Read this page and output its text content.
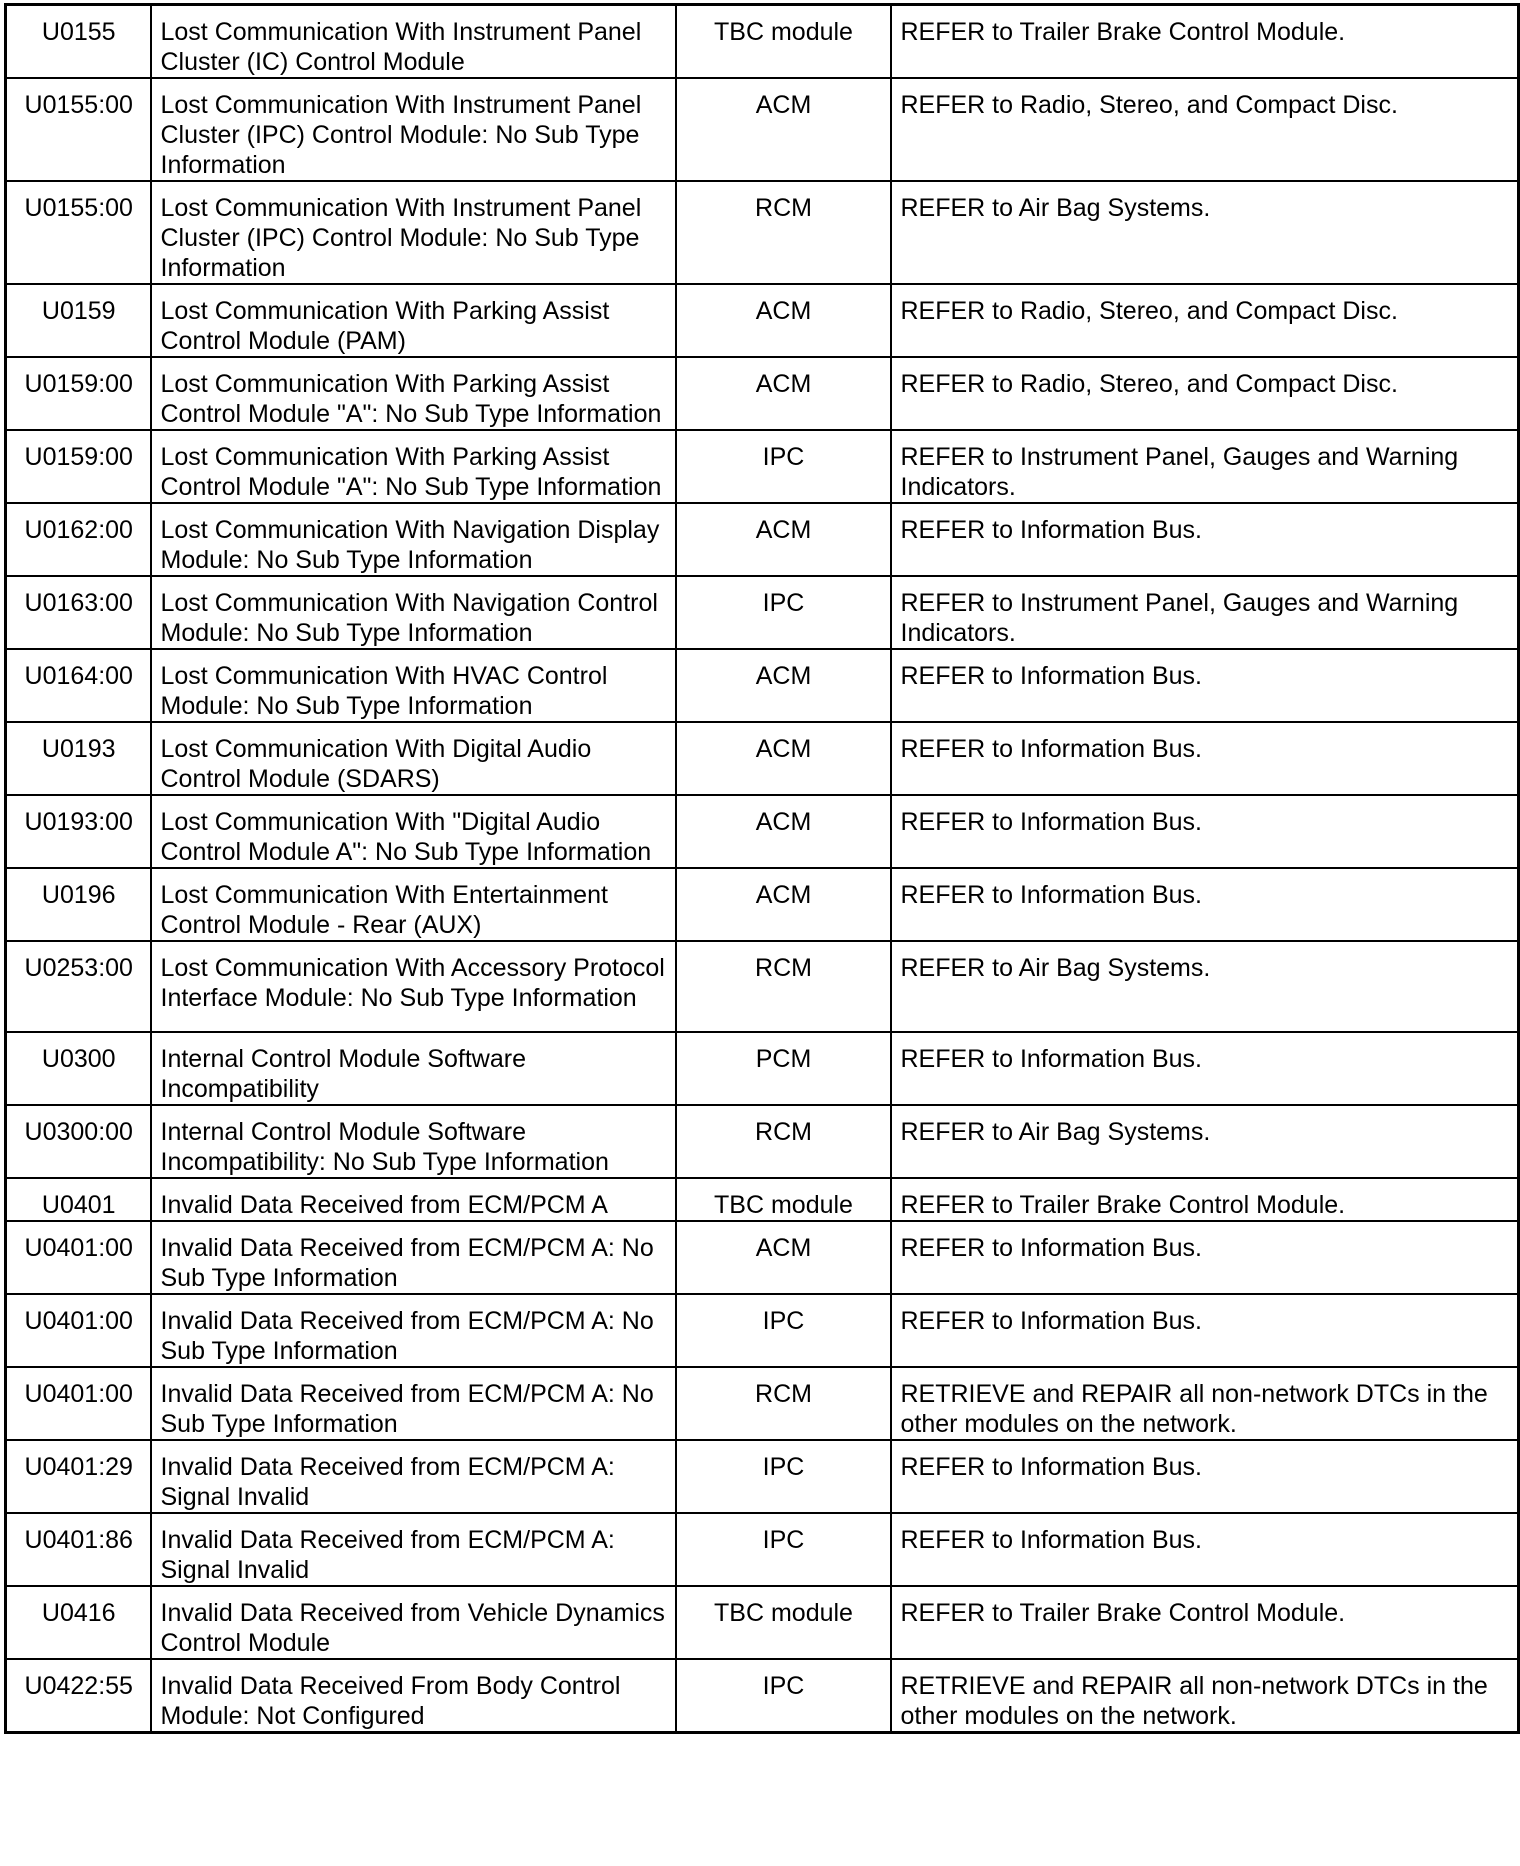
U0155	Lost Communication With Instrument Panel Cluster (IC) Control Module	TBC module	REFER to Trailer Brake Control Module.
U0155:00	Lost Communication With Instrument Panel Cluster (IPC) Control Module: No Sub Type Information	ACM	REFER to Radio, Stereo, and Compact Disc.
U0155:00	Lost Communication With Instrument Panel Cluster (IPC) Control Module: No Sub Type Information	RCM	REFER to Air Bag Systems.
U0159	Lost Communication With Parking Assist Control Module (PAM)	ACM	REFER to Radio, Stereo, and Compact Disc.
U0159:00	Lost Communication With Parking Assist Control Module "A": No Sub Type Information	ACM	REFER to Radio, Stereo, and Compact Disc.
U0159:00	Lost Communication With Parking Assist Control Module "A": No Sub Type Information	IPC	REFER to Instrument Panel, Gauges and Warning Indicators.
U0162:00	Lost Communication With Navigation Display Module: No Sub Type Information	ACM	REFER to Information Bus.
U0163:00	Lost Communication With Navigation Control Module: No Sub Type Information	IPC	REFER to Instrument Panel, Gauges and Warning Indicators.
U0164:00	Lost Communication With HVAC Control Module: No Sub Type Information	ACM	REFER to Information Bus.
U0193	Lost Communication With Digital Audio Control Module (SDARS)	ACM	REFER to Information Bus.
U0193:00	Lost Communication With "Digital Audio Control Module A": No Sub Type Information	ACM	REFER to Information Bus.
U0196	Lost Communication With Entertainment Control Module - Rear (AUX)	ACM	REFER to Information Bus.
U0253:00	Lost Communication With Accessory Protocol Interface Module: No Sub Type Information	RCM	REFER to Air Bag Systems.
U0300	Internal Control Module Software Incompatibility	PCM	REFER to Information Bus.
U0300:00	Internal Control Module Software Incompatibility: No Sub Type Information	RCM	REFER to Air Bag Systems.
U0401	Invalid Data Received from ECM/PCM A	TBC module	REFER to Trailer Brake Control Module.
U0401:00	Invalid Data Received from ECM/PCM A: No Sub Type Information	ACM	REFER to Information Bus.
U0401:00	Invalid Data Received from ECM/PCM A: No Sub Type Information	IPC	REFER to Information Bus.
U0401:00	Invalid Data Received from ECM/PCM A: No Sub Type Information	RCM	RETRIEVE and REPAIR all non-network DTCs in the other modules on the network.
U0401:29	Invalid Data Received from ECM/PCM A: Signal Invalid	IPC	REFER to Information Bus.
U0401:86	Invalid Data Received from ECM/PCM A: Signal Invalid	IPC	REFER to Information Bus.
U0416	Invalid Data Received from Vehicle Dynamics Control Module	TBC module	REFER to Trailer Brake Control Module.
U0422:55	Invalid Data Received From Body Control Module: Not Configured	IPC	RETRIEVE and REPAIR all non-network DTCs in the other modules on the network.
